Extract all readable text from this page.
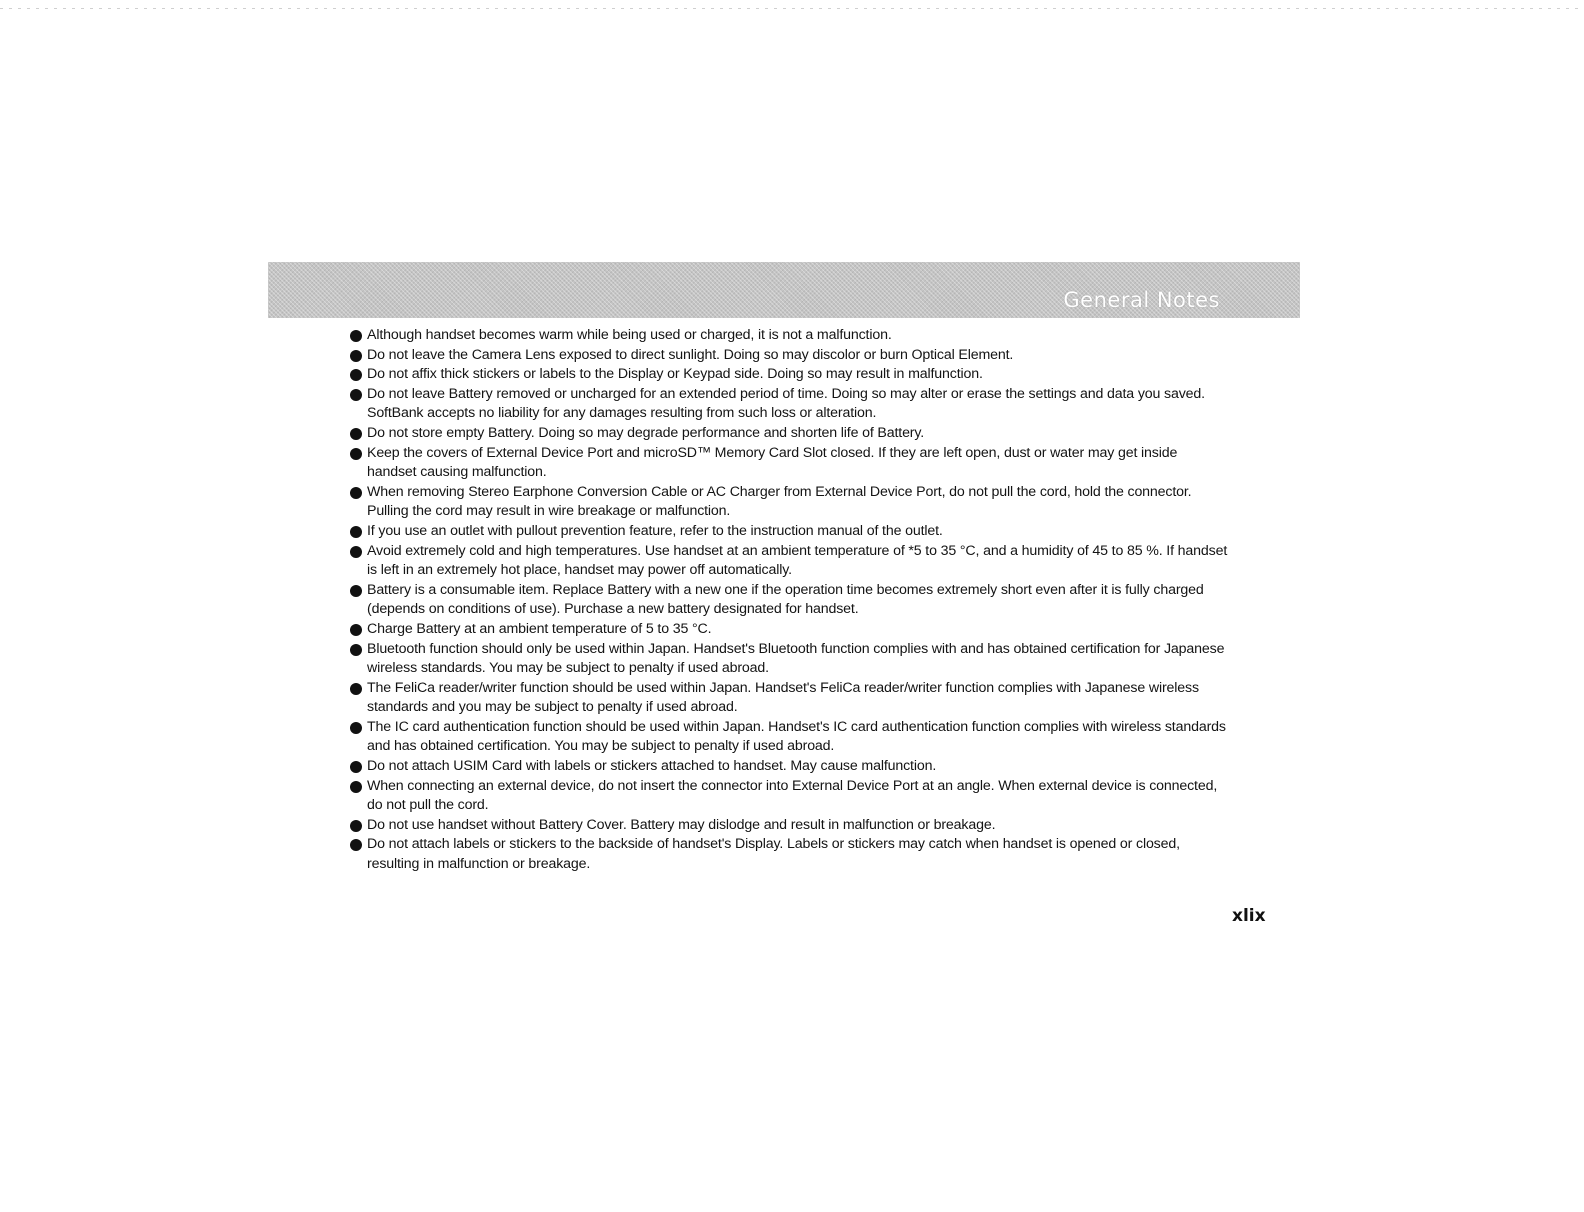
General Notes
Although handset becomes warm while being used or charged, it is not a malfunction.
Do not leave the Camera Lens exposed to direct sunlight. Doing so may discolor or burn Optical Element.
Do not affix thick stickers or labels to the Display or Keypad side. Doing so may result in malfunction.
Do not leave Battery removed or uncharged for an extended period of time. Doing so may alter or erase the settings and data you saved. SoftBank accepts no liability for any damages resulting from such loss or alteration.
Do not store empty Battery. Doing so may degrade performance and shorten life of Battery.
Keep the covers of External Device Port and microSD™ Memory Card Slot closed. If they are left open, dust or water may get inside handset causing malfunction.
When removing Stereo Earphone Conversion Cable or AC Charger from External Device Port, do not pull the cord, hold the connector. Pulling the cord may result in wire breakage or malfunction.
If you use an outlet with pullout prevention feature, refer to the instruction manual of the outlet.
Avoid extremely cold and high temperatures. Use handset at an ambient temperature of *5 to 35 °C, and a humidity of 45 to 85 %. If handset is left in an extremely hot place, handset may power off automatically.
Battery is a consumable item. Replace Battery with a new one if the operation time becomes extremely short even after it is fully charged (depends on conditions of use). Purchase a new battery designated for handset.
Charge Battery at an ambient temperature of 5 to 35 °C.
Bluetooth function should only be used within Japan. Handset's Bluetooth function complies with and has obtained certification for Japanese wireless standards. You may be subject to penalty if used abroad.
The FeliCa reader/writer function should be used within Japan. Handset's FeliCa reader/writer function complies with Japanese wireless standards and you may be subject to penalty if used abroad.
The IC card authentication function should be used within Japan. Handset's IC card authentication function complies with wireless standards and has obtained certification. You may be subject to penalty if used abroad.
Do not attach USIM Card with labels or stickers attached to handset. May cause malfunction.
When connecting an external device, do not insert the connector into External Device Port at an angle. When external device is connected, do not pull the cord.
Do not use handset without Battery Cover. Battery may dislodge and result in malfunction or breakage.
Do not attach labels or stickers to the backside of handset's Display. Labels or stickers may catch when handset is opened or closed, resulting in malfunction or breakage.
xlix
